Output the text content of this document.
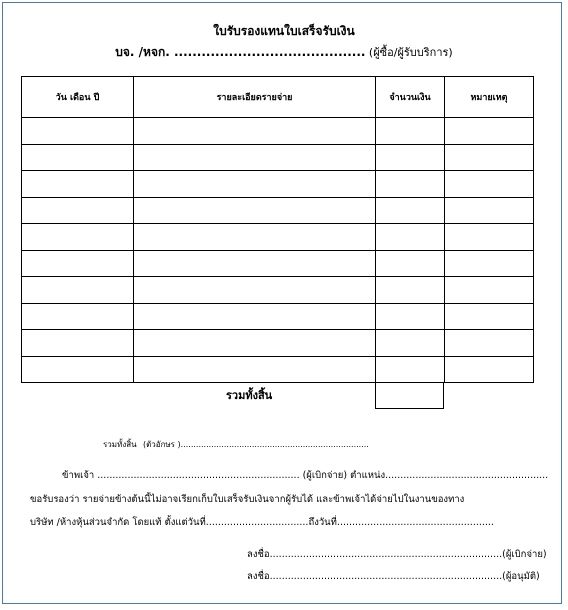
ใบรับรองแทนใบเสร็จรับเงิน
บจ. /หจก. .......................................... (ผู้ซื้อ/ผู้รับบริการ)
วัน เดือน ปี	รายละเอียดรายจ่าย	จำนวนเงิน	หมายเหตุ

รวมทั้งสิ้น
รวมทั้งสิ้น (ตัวอักษร )..........................................................................
ข้าพเจ้า ................................................................... (ผู้เบิกจ่าย) ตำแหน่ง......................................................
ขอรับรองว่า รายจ่ายข้างต้นนี้ไม่อาจเรียกเก็บใบเสร็จรับเงินจากผู้รับได้ และข้าพเจ้าได้จ่ายไปในงานของทาง
บริษัท /ห้างหุ้นส่วนจำกัด โดยแท้ ตั้งแต่วันที่..................................ถึงวันที่....................................................
ลงชื่อ.............................................................................(ผู้เบิกจ่าย)
ลงชื่อ.............................................................................(ผู้อนุมัติ)
